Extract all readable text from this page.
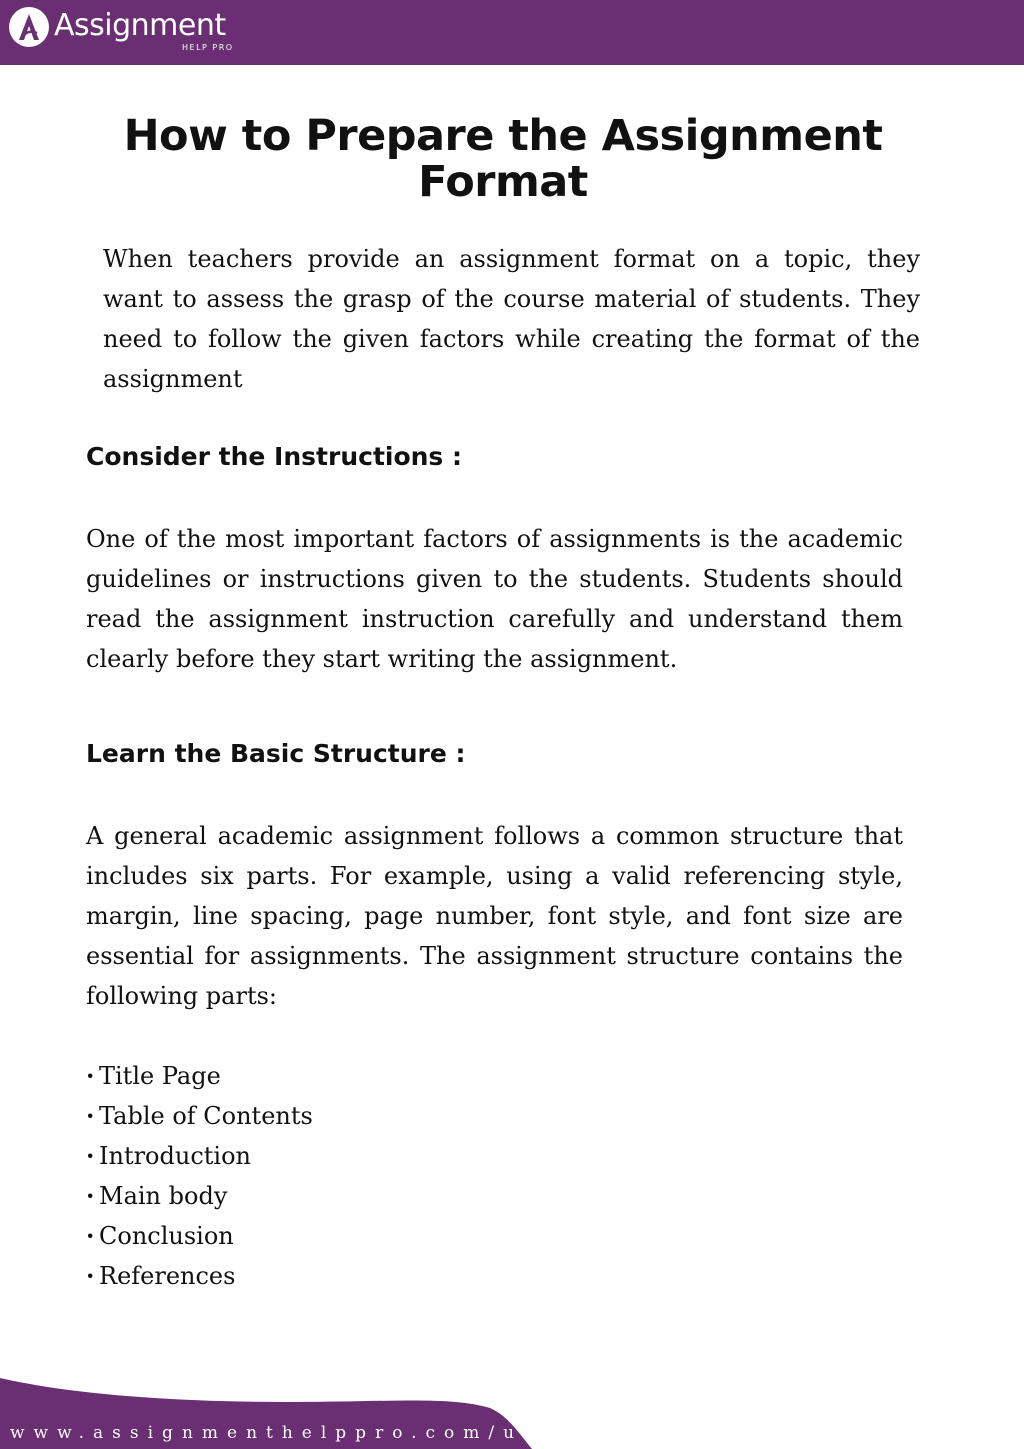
Assignment
HELP PRO
How to Prepare the Assignment Format

When teachers provide an assignment format on a topic, they want to assess the grasp of the course material of students. They need to follow the given factors while creating the format of the assignment

Consider the Instructions :

One of the most important factors of assignments is the academic guidelines or instructions given to the students. Students should read the assignment instruction carefully and understand them clearly before they start writing the assignment.

Learn the Basic Structure :

A general academic assignment follows a common structure that includes six parts. For example, using a valid referencing style, margin, line spacing, page number, font style, and font size are essential for assignments. The assignment structure contains the following parts:

· Title Page
· Table of Contents
· Introduction
· Main body
· Conclusion
· References
www.assignmenthelppro.com/us/
